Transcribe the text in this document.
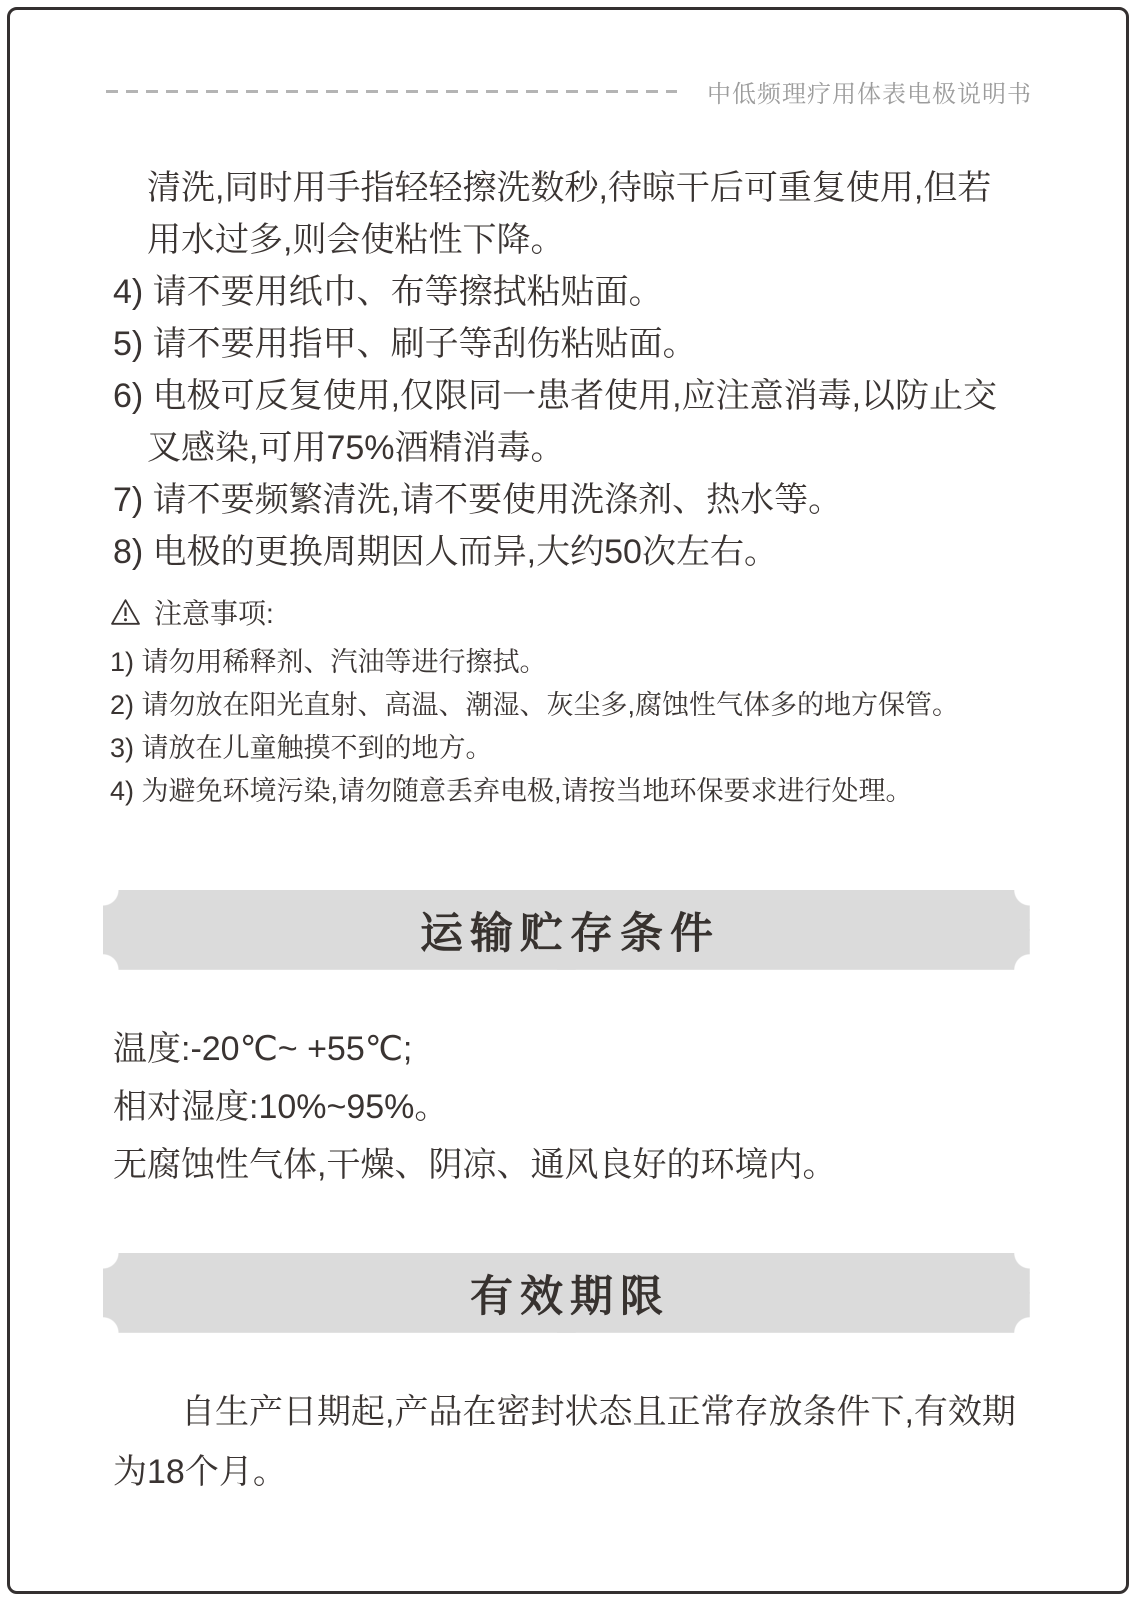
中低频理疗用体表电极说明书
清洗,同时用手指轻轻擦洗数秒,待晾干后可重复使用,但若
用水过多,则会使粘性下降。
4) 请不要用纸巾、布等擦拭粘贴面。
5) 请不要用指甲、刷子等刮伤粘贴面。
6) 电极可反复使用,仅限同一患者使用,应注意消毒,以防止交
叉感染,可用75%酒精消毒。
7) 请不要频繁清洗,请不要使用洗涤剂、热水等。
8) 电极的更换周期因人而异,大约50次左右。
注意事项:
1) 请勿用稀释剂、汽油等进行擦拭。
2) 请勿放在阳光直射、高温、潮湿、灰尘多,腐蚀性气体多的地方保管。
3) 请放在儿童触摸不到的地方。
4) 为避免环境污染,请勿随意丢弃电极,请按当地环保要求进行处理。
运输贮存条件
温度:-20℃~ +55℃;
相对湿度:10%~95%。
无腐蚀性气体,干燥、阴凉、通风良好的环境内。
有效期限
自生产日期起,产品在密封状态且正常存放条件下,有效期
为18个月。
